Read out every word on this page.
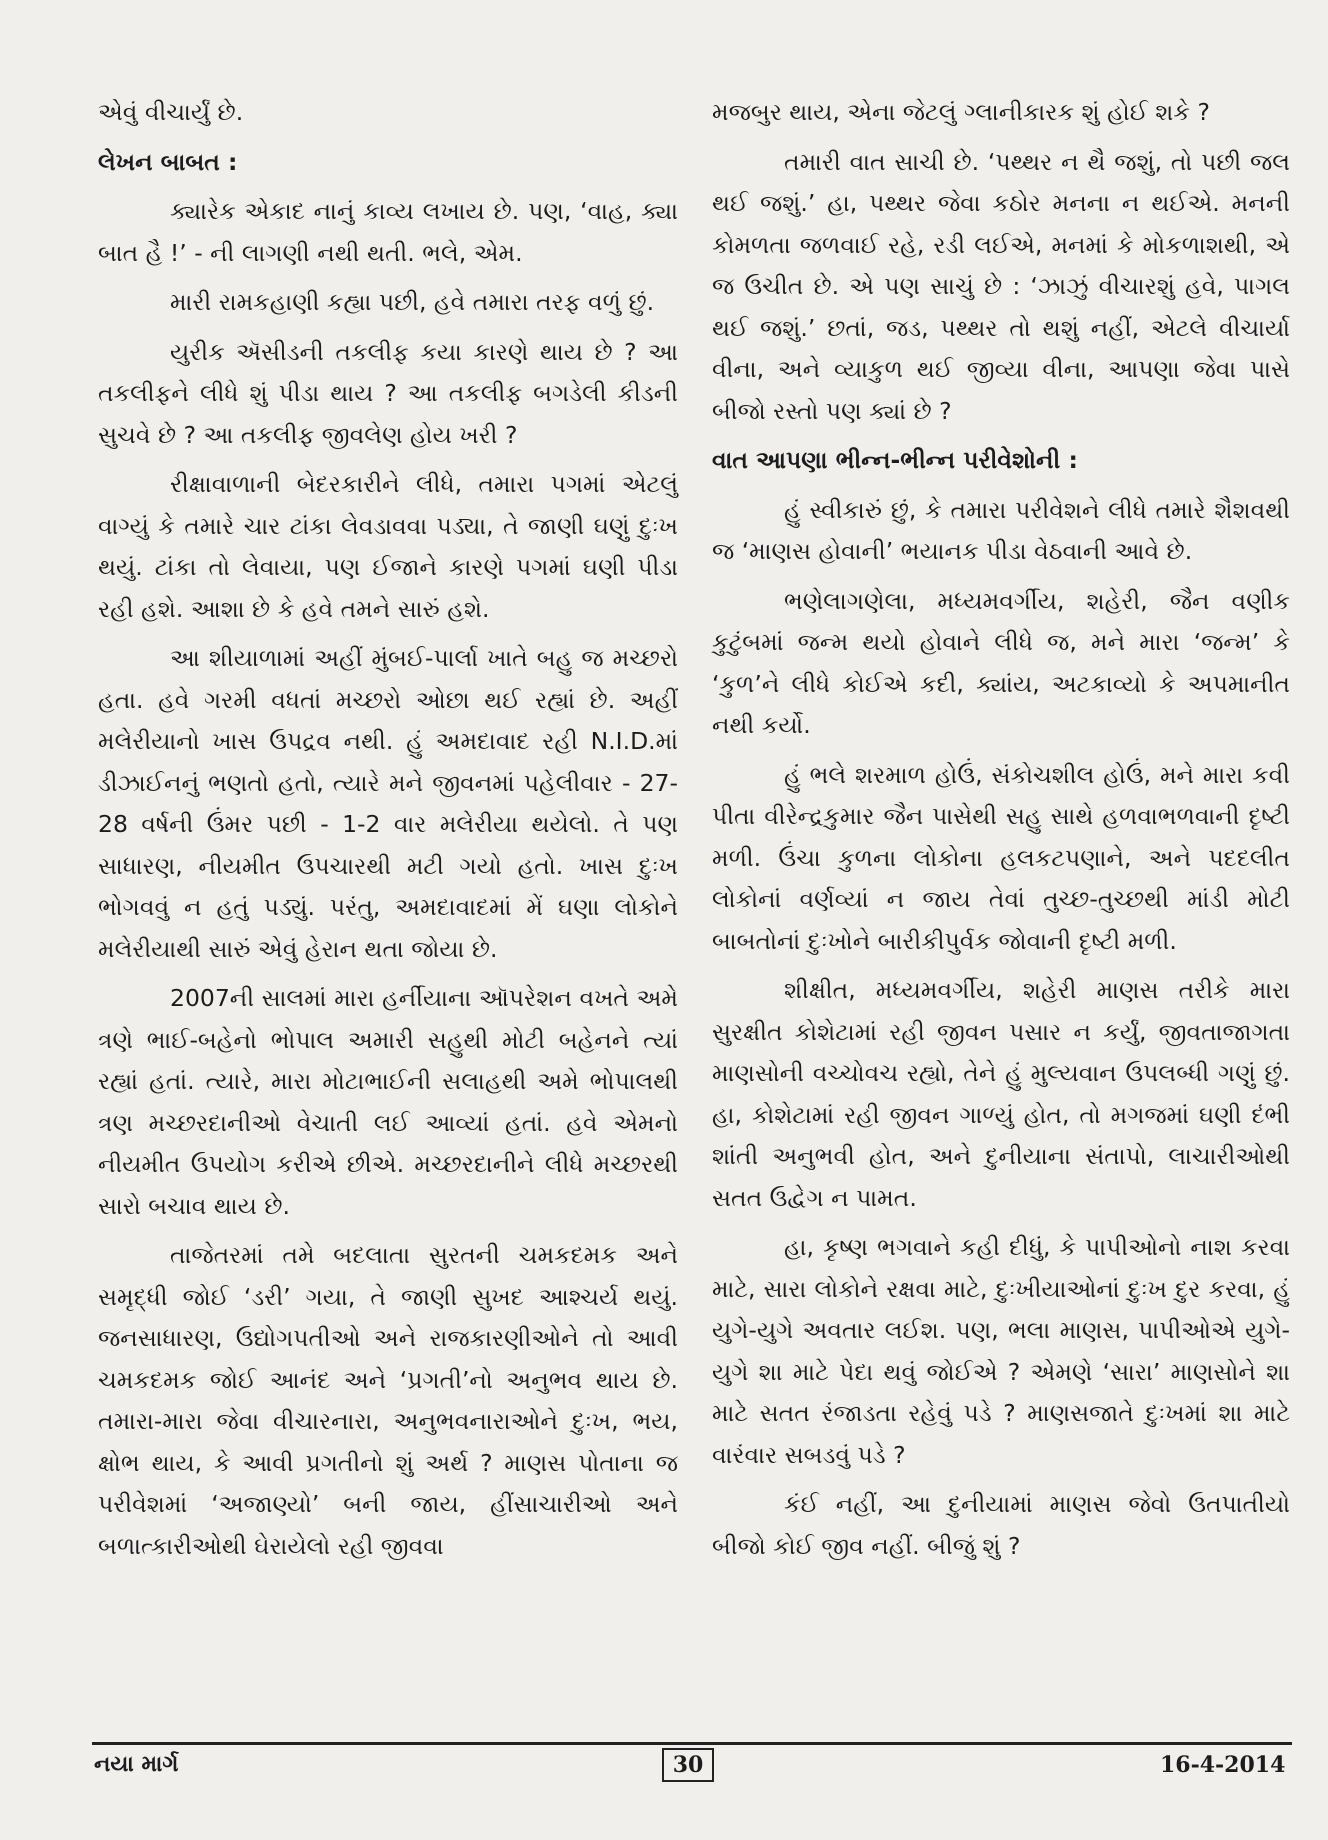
એવું વીચાર્યું છે.

લેખન બાબત :

ક્યારેક એકાદ નાનું કાવ્ય લખાય છે. પણ, ‘વાહ, ક્યા બાત હૈ !’ - ની લાગણી નથી થતી. ભલે, એમ.

મારી રામકહાણી કહ્યા પછી, હવે તમારા તરફ વળું છું.

યુરીક ઍસીડની તકલીફ કયા કારણે થાય છે ? આ તકલીફને લીધે શું પીડા થાય ? આ તકલીફ બગડેલી કીડની સુચવે છે ? આ તકલીફ જીવલેણ હોય ખરી ?

રીક્ષાવાળાની બેદરકારીને લીધે, તમારા પગમાં એટલું વાગ્યું કે તમારે ચાર ટાંકા લેવડાવવા પડ્યા, તે જાણી ઘણું દુઃખ થયું. ટાંકા તો લેવાયા, પણ ઈજાને કારણે પગમાં ઘણી પીડા રહી હશે. આશા છે કે હવે તમને સારું હશે.

આ શીયાળામાં અહીં મુંબઈ-પાર્લા ખાતે બહુ જ મચ્છરો હતા. હવે ગરમી વધતાં મચ્છરો ઓછા થઈ રહ્યાં છે. અહીં મલેરીયાનો ખાસ ઉપદ્રવ નથી. હું અમદાવાદ રહી N.I.D.માં ડીઝાઈનનું ભણતો હતો, ત્યારે મને જીવનમાં પહેલીવાર - 27-28 વર્ષની ઉંમર પછી - 1-2 વાર મલેરીયા થયેલો. તે પણ સાધારણ, નીયમીત ઉપચારથી મટી ગયો હતો. ખાસ દુઃખ ભોગવવું ન હતું પડ્યું. પરંતુ, અમદાવાદમાં મેં ઘણા લોકોને મલેરીયાથી સારું એવું હેરાન થતા જોયા છે.

2007ની સાલમાં મારા હર્નીયાના ઑપરેશન વખતે અમે ત્રણે ભાઈ-બહેનો ભોપાલ અમારી સહુથી મોટી બહેનને ત્યાં રહ્યાં હતાં. ત્યારે, મારા મોટાભાઈની સલાહથી અમે ભોપાલથી ત્રણ મચ્છરદાનીઓ વેચાતી લઈ આવ્યાં હતાં. હવે એમનો નીયમીત ઉપયોગ કરીએ છીએ. મચ્છરદાનીને લીધે મચ્છરથી સારો બચાવ થાય છે.

તાજેતરમાં તમે બદલાતા સુરતની ચમકદમક અને સમૃદ્ધી જોઈ ‘ડરી’ ગયા, તે જાણી સુખદ આશ્ચર્ય થયું. જનસાધારણ, ઉદ્યોગપતીઓ અને રાજકારણીઓને તો આવી ચમકદમક જોઈ આનંદ અને ‘પ્રગતી’નો અનુભવ થાય છે. તમારા-મારા જેવા વીચારનારા, અનુભવનારાઓને દુઃખ, ભય, ક્ષોભ થાય, કે આવી પ્રગતીનો શું અર્થ ? માણસ પોતાના જ પરીવેશમાં ‘અજાણ્યો’ બની જાય, હીંસાચારીઓ અને બળાત્કારીઓથી ઘેરાયેલો રહી જીવવા

મજબુર થાય, એના જેટલું ગ્લાનીકારક શું હોઈ શકે ?

તમારી વાત સાચી છે. ‘પથ્થર ન થૈ જશું, તો પછી જલ થઈ જશું.’ હા, પથ્થર જેવા કઠોર મનના ન થઈએ. મનની કોમળતા જળવાઈ રહે, રડી લઈએ, મનમાં કે મોકળાશથી, એ જ ઉચીત છે. એ પણ સાચું છે : ‘ઝાઝું વીચારશું હવે, પાગલ થઈ જશું.’ છતાં, જડ, પથ્થર તો થશું નહીં, એટલે વીચાર્યા વીના, અને વ્યાકુળ થઈ જીવ્યા વીના, આપણા જેવા પાસે બીજો રસ્તો પણ ક્યાં છે ?

વાત આપણા ભીન્ન-ભીન્ન પરીવેશોની :

હું સ્વીકારું છું, કે તમારા પરીવેશને લીધે તમારે શૈશવથી જ ‘માણસ હોવાની’ ભયાનક પીડા વેઠવાની આવે છે.

ભણેલાગણેલા, મધ્યમવર્ગીય, શહેરી, જૈન વણીક કુટુંબમાં જન્મ થયો હોવાને લીધે જ, મને મારા ‘જન્મ’ કે ‘કુળ’ને લીધે કોઈએ કદી, ક્યાંય, અટકાવ્યો કે અપમાનીત નથી કર્યો.

હું ભલે શરમાળ હોઉં, સંકોચશીલ હોઉં, મને મારા કવી પીતા વીરેન્દ્રકુમાર જૈન પાસેથી સહુ સાથે હળવાભળવાની દૃષ્ટી મળી. ઉંચા કુળના લોકોના હલકટપણાને, અને પદદલીત લોકોનાં વર્ણવ્યાં ન જાય તેવાં તુચ્છ-તુચ્છથી માંડી મોટી બાબતોનાં દુઃખોને બારીકીપુર્વક જોવાની દૃષ્ટી મળી.

શીક્ષીત, મધ્યમવર્ગીય, શહેરી માણસ તરીકે મારા સુરક્ષીત કોશેટામાં રહી જીવન પસાર ન કર્યું, જીવતાજાગતા માણસોની વચ્ચોવચ રહ્યો, તેને હું મુલ્યવાન ઉપલબ્ધી ગણું છું. હા, કોશેટામાં રહી જીવન ગાળ્યું હોત, તો મગજમાં ઘણી દંભી શાંતી અનુભવી હોત, અને દુનીયાના સંતાપો, લાચારીઓથી સતત ઉદ્વેગ ન પામત.

હા, કૃષ્ણ ભગવાને કહી દીધું, કે પાપીઓનો નાશ કરવા માટે, સારા લોકોને રક્ષવા માટે, દુઃખીયાઓનાં દુઃખ દુર કરવા, હું યુગે-યુગે અવતાર લઈશ. પણ, ભલા માણસ, પાપીઓએ યુગે-યુગે શા માટે પેદા થવું જોઈએ ? એમણે ‘સારા’ માણસોને શા માટે સતત રંજાડતા રહેવું પડે ? માણસજાતે દુઃખમાં શા માટે વારંવાર સબડવું પડે ?

કંઈ નહીં, આ દુનીયામાં માણસ જેવો ઉતપાતીયો બીજો કોઈ જીવ નહીં. બીજું શું ?

નયા માર્ગ	30	16-4-2014
